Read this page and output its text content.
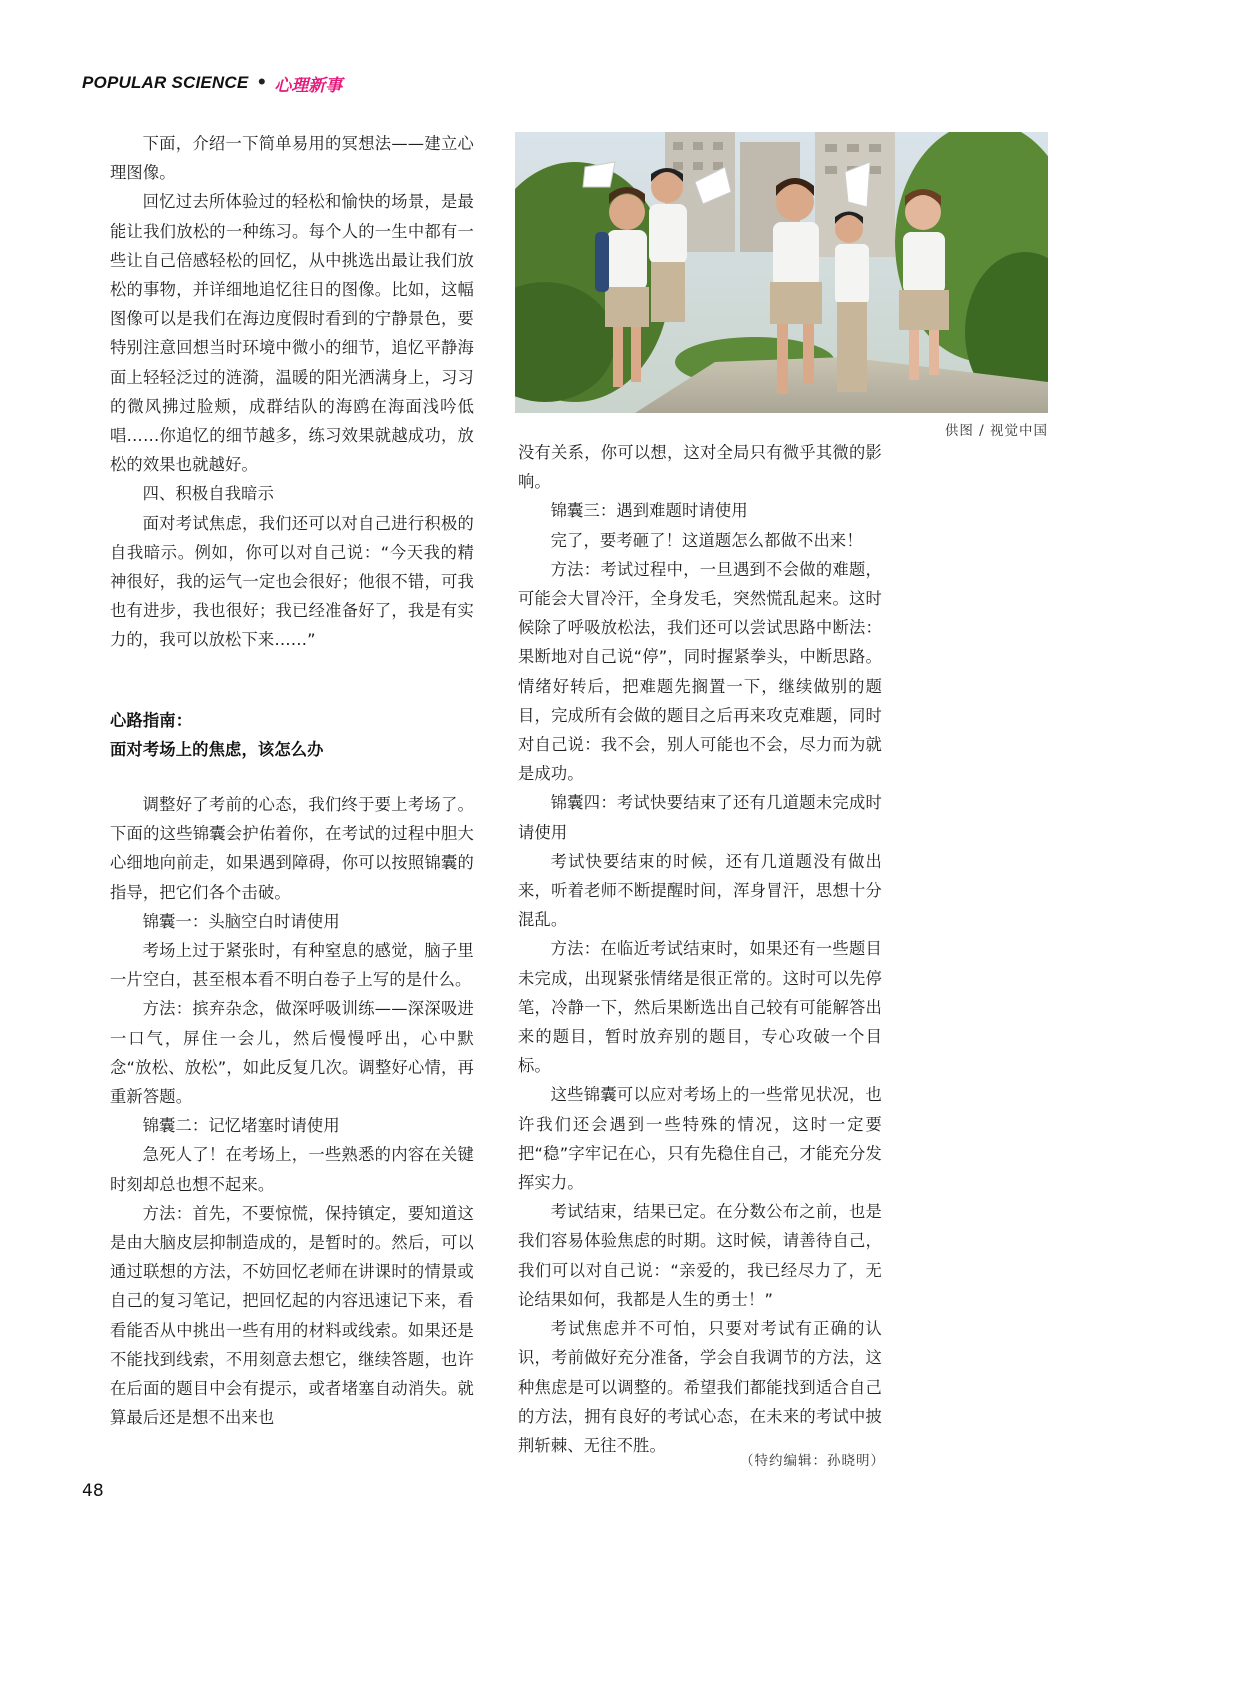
POPULAR SCIENCE • 心理新事

下面，介绍一下简单易用的冥想法——建立心理图像。

回忆过去所体验过的轻松和愉快的场景，是最能让我们放松的一种练习。每个人的一生中都有一些让自己倍感轻松的回忆，从中挑选出最让我们放松的事物，并详细地追忆往日的图像。比如，这幅图像可以是我们在海边度假时看到的宁静景色，要特别注意回想当时环境中微小的细节，追忆平静海面上轻轻泛过的涟漪，温暖的阳光洒满身上，习习的微风拂过脸颊，成群结队的海鸥在海面浅吟低唱……你追忆的细节越多，练习效果就越成功，放松的效果也就越好。

四、积极自我暗示

面对考试焦虑，我们还可以对自己进行积极的自我暗示。例如，你可以对自己说：“今天我的精神很好，我的运气一定也会很好；他很不错，可我也有进步，我也很好；我已经准备好了，我是有实力的，我可以放松下来……”

心路指南：

面对考场上的焦虑，该怎么办

调整好了考前的心态，我们终于要上考场了。下面的这些锦囊会护佑着你，在考试的过程中胆大心细地向前走，如果遇到障碍，你可以按照锦囊的指导，把它们各个击破。

锦囊一：头脑空白时请使用

考场上过于紧张时，有种窒息的感觉，脑子里一片空白，甚至根本看不明白卷子上写的是什么。

方法：摈弃杂念，做深呼吸训练——深深吸进一口气，屏住一会儿，然后慢慢呼出，心中默念“放松、放松”，如此反复几次。调整好心情，再重新答题。

锦囊二：记忆堵塞时请使用

急死人了！在考场上，一些熟悉的内容在关键时刻却总也想不起来。

方法：首先，不要惊慌，保持镇定，要知道这是由大脑皮层抑制造成的，是暂时的。然后，可以通过联想的方法，不妨回忆老师在讲课时的情景或自己的复习笔记，把回忆起的内容迅速记下来，看看能否从中挑出一些有用的材料或线索。如果还是不能找到线索，不用刻意去想它，继续答题，也许在后面的题目中会有提示，或者堵塞自动消失。就算最后还是想不出来也

供图 / 视觉中国

没有关系，你可以想，这对全局只有微乎其微的影响。

锦囊三：遇到难题时请使用

完了，要考砸了！这道题怎么都做不出来！

方法：考试过程中，一旦遇到不会做的难题，可能会大冒冷汗，全身发毛，突然慌乱起来。这时候除了呼吸放松法，我们还可以尝试思路中断法：果断地对自己说“停”，同时握紧拳头，中断思路。情绪好转后，把难题先搁置一下，继续做别的题目，完成所有会做的题目之后再来攻克难题，同时对自己说：我不会，别人可能也不会，尽力而为就是成功。

锦囊四：考试快要结束了还有几道题未完成时请使用

考试快要结束的时候，还有几道题没有做出来，听着老师不断提醒时间，浑身冒汗，思想十分混乱。

方法：在临近考试结束时，如果还有一些题目未完成，出现紧张情绪是很正常的。这时可以先停笔，冷静一下，然后果断选出自己较有可能解答出来的题目，暂时放弃别的题目，专心攻破一个目标。

这些锦囊可以应对考场上的一些常见状况，也许我们还会遇到一些特殊的情况，这时一定要把“稳”字牢记在心，只有先稳住自己，才能充分发挥实力。

考试结束，结果已定。在分数公布之前，也是我们容易体验焦虑的时期。这时候，请善待自己，我们可以对自己说：“亲爱的，我已经尽力了，无论结果如何，我都是人生的勇士！”

考试焦虑并不可怕，只要对考试有正确的认识，考前做好充分准备，学会自我调节的方法，这种焦虑是可以调整的。希望我们都能找到适合自己的方法，拥有良好的考试心态，在未来的考试中披荆斩棘、无往不胜。

（特约编辑：孙晓明）
48
